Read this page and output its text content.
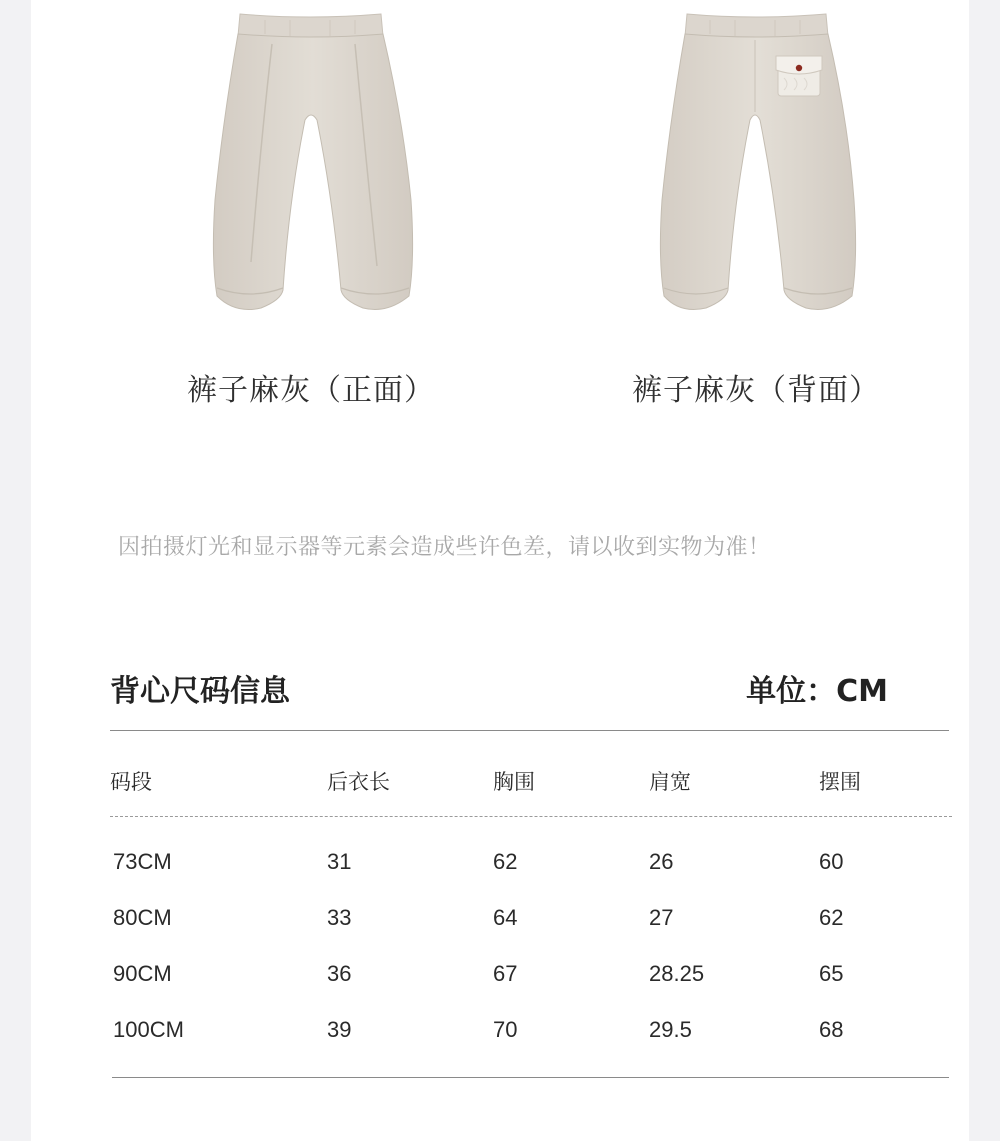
裤子麻灰（正面）	裤子麻灰（背面）
因拍摄灯光和显示器等元素会造成些许色差，请以收到实物为准！
背心尺码信息	单位：CM
码段	后衣长	胸围	肩宽	摆围
73CM	31	62	26	60
80CM	33	64	27	62
90CM	36	67	28.25	65
100CM	39	70	29.5	68
